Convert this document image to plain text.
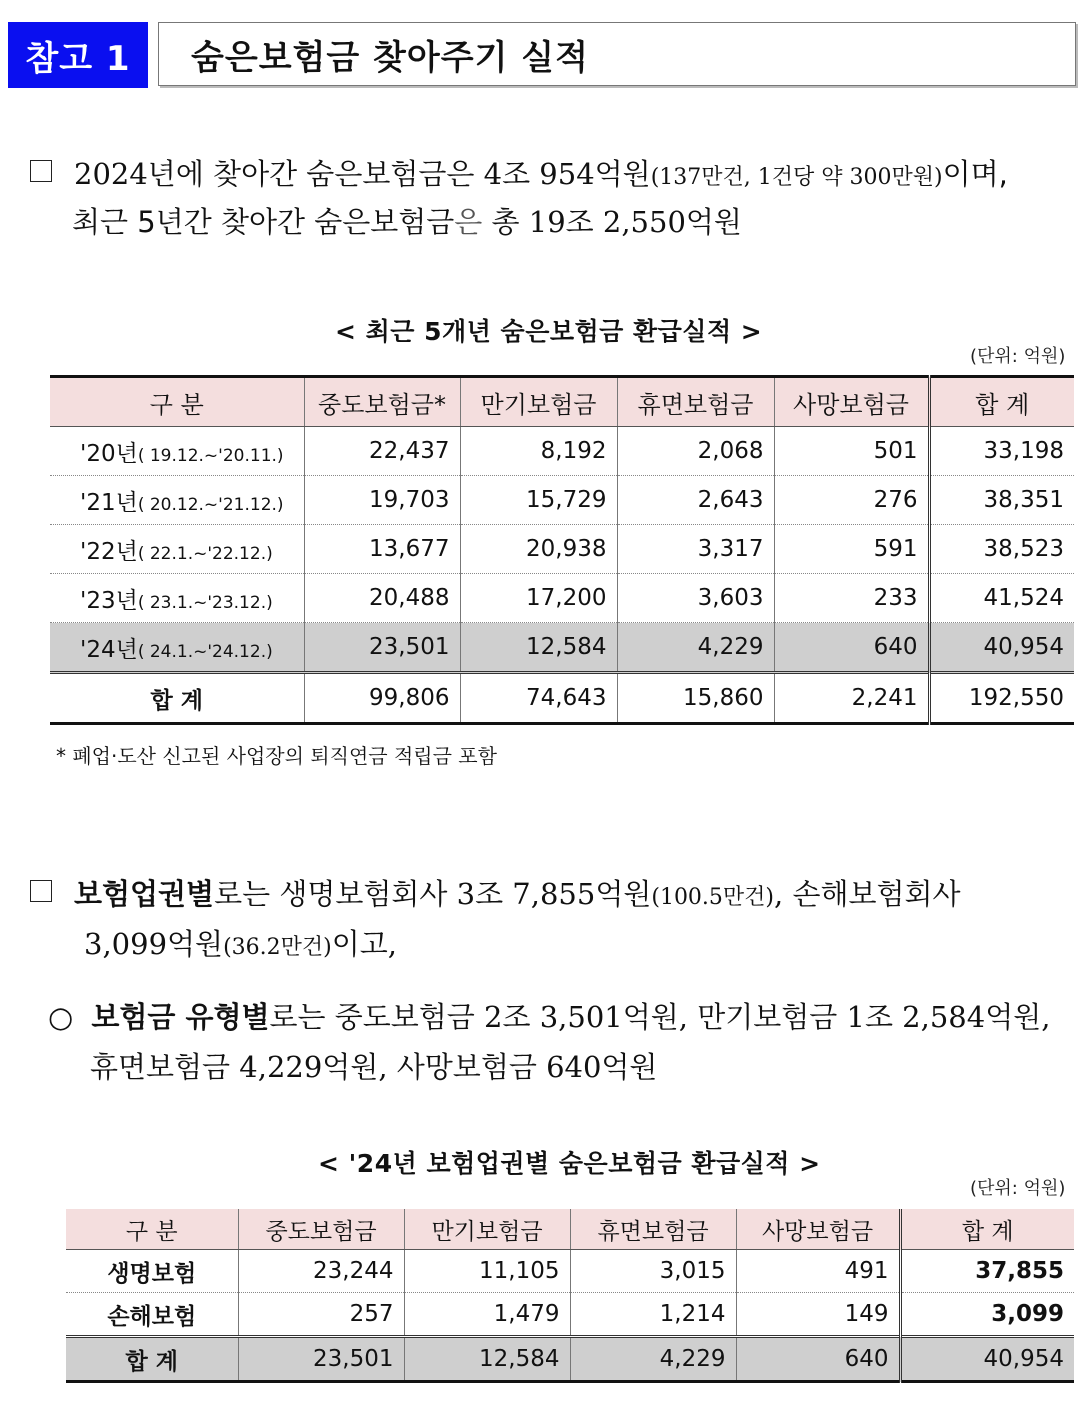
참고 1	숨은보험금 찾아주기 실적
2024년에 찾아간 숨은보험금은 4조 954억원(137만건, 1건당 약 300만원)이며,
최근 5년간 찾아간 숨은보험금은 총 19조 2,550억원
< 최근 5개년 숨은보험금 환급실적 >
(단위: 억원)
구 분	중도보험금*	만기보험금	휴면보험금	사망보험금	합 계
'20년( 19.12.~'20.11.)	22,437	8,192	2,068	501	33,198
'21년( 20.12.~'21.12.)	19,703	15,729	2,643	276	38,351
'22년( 22.1.~'22.12.)	13,677	20,938	3,317	591	38,523
'23년( 23.1.~'23.12.)	20,488	17,200	3,603	233	41,524
'24년( 24.1.~'24.12.)	23,501	12,584	4,229	640	40,954
합 계	99,806	74,643	15,860	2,241	192,550
* 폐업·도산 신고된 사업장의 퇴직연금 적립금 포함
보험업권별로는 생명보험회사 3조 7,855억원(100.5만건), 손해보험회사
3,099억원(36.2만건)이고,
○ 보험금 유형별로는 중도보험금 2조 3,501억원, 만기보험금 1조 2,584억원,
휴면보험금 4,229억원, 사망보험금 640억원
< '24년 보험업권별 숨은보험금 환급실적 >
(단위: 억원)
구 분	중도보험금	만기보험금	휴면보험금	사망보험금	합 계
생명보험	23,244	11,105	3,015	491	37,855
손해보험	257	1,479	1,214	149	3,099
합 계	23,501	12,584	4,229	640	40,954
